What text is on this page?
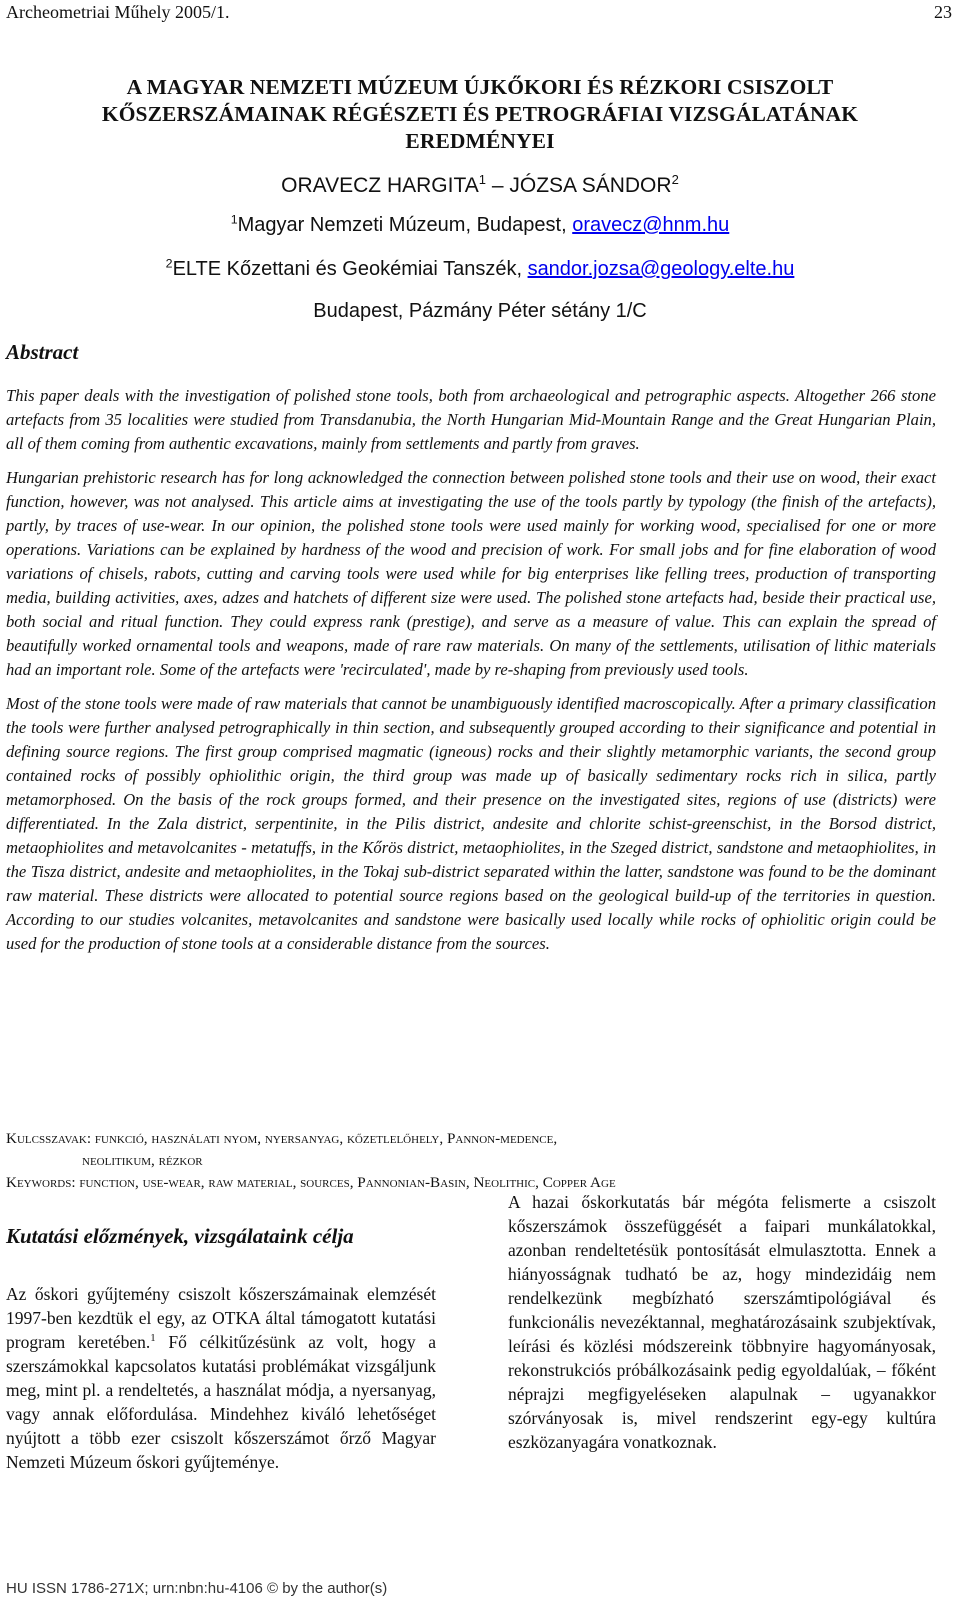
Archeometriai Műhely 2005/1.	23
A MAGYAR NEMZETI MÚZEUM ÚJKŐKORI ÉS RÉZKORI CSISZOLT
KŐSZERSZÁMAINAK RÉGÉSZETI ÉS PETROGRÁFIAI VIZSGÁLATÁNAK
EREDMÉNYEI
ORAVECZ HARGITA$^1$ – JÓZSA SÁNDOR$^2$
$^1$Magyar Nemzeti Múzeum, Budapest, oravecz@hnm.hu
$^2$ELTE Kőzettani és Geokémiai Tanszék, sandor.jozsa@geology.elte.hu
Budapest, Pázmány Péter sétány 1/C
Abstract

This paper deals with the investigation of polished stone tools, both from archaeological and petrographic aspects. Altogether 266 stone artefacts from 35 localities were studied from Transdanubia, the North Hungarian Mid-Mountain Range and the Great Hungarian Plain, all of them coming from authentic excavations, mainly from settlements and partly from graves.

Hungarian prehistoric research has for long acknowledged the connection between polished stone tools and their use on wood, their exact function, however, was not analysed. This article aims at investigating the use of the tools partly by typology (the finish of the artefacts), partly, by traces of use-wear. In our opinion, the polished stone tools were used mainly for working wood, specialised for one or more operations. Variations can be explained by hardness of the wood and precision of work. For small jobs and for fine elaboration of wood variations of chisels, rabots, cutting and carving tools were used while for big enterprises like felling trees, production of transporting media, building activities, axes, adzes and hatchets of different size were used. The polished stone artefacts had, beside their practical use, both social and ritual function. They could express rank (prestige), and serve as a measure of value. This can explain the spread of beautifully worked ornamental tools and weapons, made of rare raw materials. On many of the settlements, utilisation of lithic materials had an important role. Some of the artefacts were 'recirculated', made by re-shaping from previously used tools.

Most of the stone tools were made of raw materials that cannot be unambiguously identified macroscopically. After a primary classification the tools were further analysed petrographically in thin section, and subsequently grouped according to their significance and potential in defining source regions. The first group comprised magmatic (igneous) rocks and their slightly metamorphic variants, the second group contained rocks of possibly ophiolithic origin, the third group was made up of basically sedimentary rocks rich in silica, partly metamorphosed. On the basis of the rock groups formed, and their presence on the investigated sites, regions of use (districts) were differentiated. In the Zala district, serpentinite, in the Pilis district, andesite and chlorite schist-greenschist, in the Borsod district, metaophiolites and metavolcanites - metatuffs, in the Kőrös district, metaophiolites, in the Szeged district, sandstone and metaophiolites, in the Tisza district, andesite and metaophiolites, in the Tokaj sub-district separated within the latter, sandstone was found to be the dominant raw material. These districts were allocated to potential source regions based on the geological build-up of the territories in question. According to our studies volcanites, metavolcanites and sandstone were basically used locally while rocks of ophiolitic origin could be used for the production of stone tools at a considerable distance from the sources.

Kulcsszavak: funkció, használati nyom, nyersanyag, kőzetlelőhely, Pannon-medence,
neolitikum, rézkor
Keywords: function, use-wear, raw material, sources, Pannonian-Basin, Neolithic, Copper Age
Kutatási előzmények, vizsgálataink célja

Az őskori gyűjtemény csiszolt kőszerszámainak elemzését 1997-ben kezdtük el egy, az OTKA által támogatott kutatási program keretében.$^1$ Fő célkitűzésünk az volt, hogy a szerszámokkal kapcsolatos kutatási problémákat vizsgáljunk meg, mint pl. a rendeltetés, a használat módja, a nyersanyag, vagy annak előfordulása. Mindehhez kiváló lehetőséget nyújtott a több ezer csiszolt kőszerszámot őrző Magyar Nemzeti Múzeum őskori gyűjteménye.

A hazai őskorkutatás bár mégóta felismerte a csiszolt kőszerszámok összefüggését a faipari munkálatokkal, azonban rendeltetésük pontosítását elmulasztotta. Ennek a hiányosságnak tudható be az, hogy mindezidáig nem rendelkezünk megbízható szerszámtipológiával és funkcionális nevezéktannal, meghatározásaink szubjektívak, leírási és közlési módszereink többnyire hagyományosak, rekonstrukciós próbálkozásaink pedig egyoldalúak, – főként néprajzi megfigyeléseken alapulnak – ugyanakkor szórványosak is, mivel rendszerint egy-egy kultúra eszközanyagára vonatkoznak.

HU ISSN 1786-271X; urn:nbn:hu-4106 © by the author(s)
